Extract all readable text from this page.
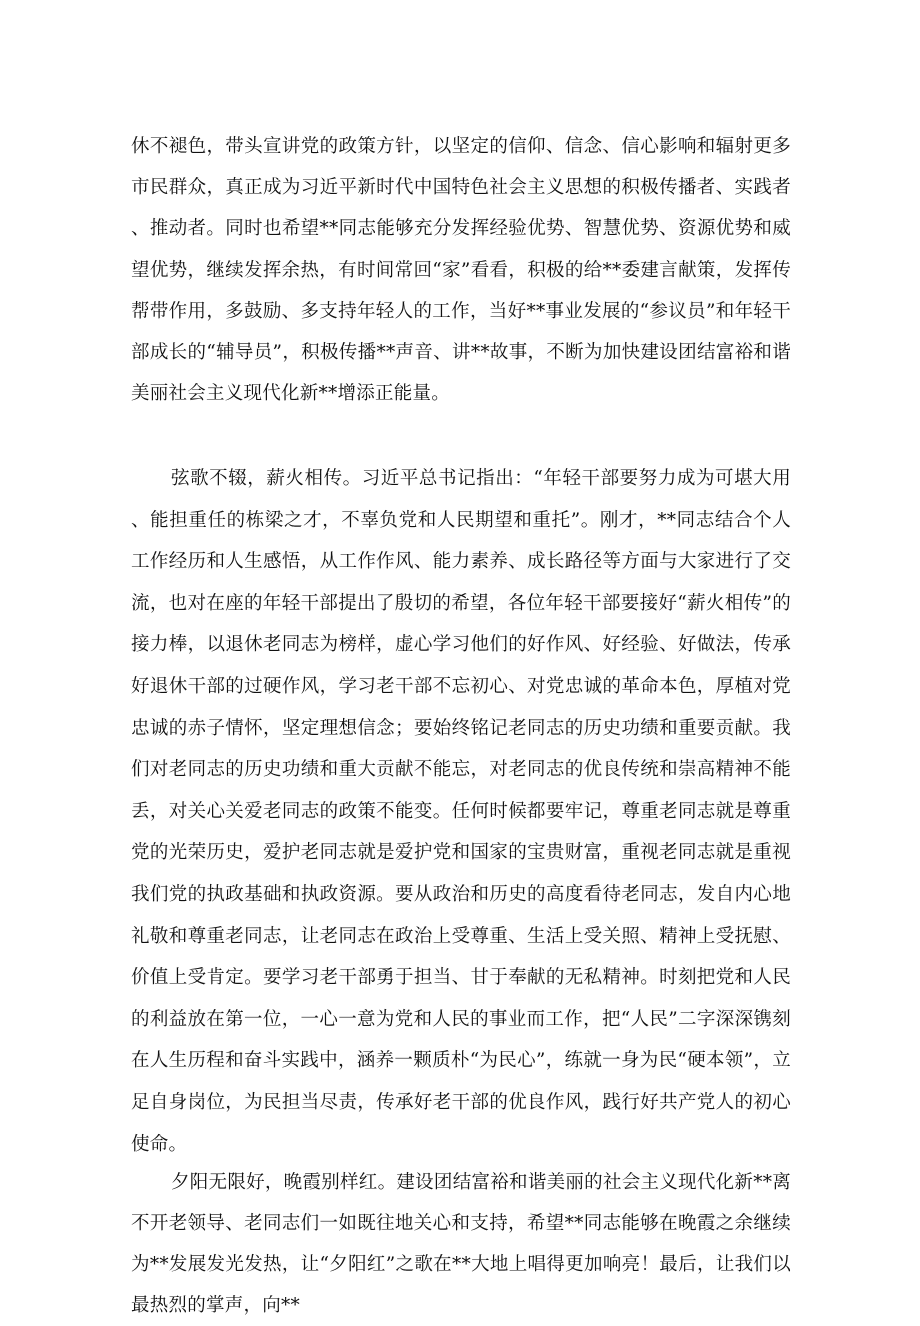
休不褪色，带头宣讲党的政策方针，以坚定的信仰、信念、信心影响和辐射更多市民群众，真正成为习近平新时代中国特色社会主义思想的积极传播者、实践者、推动者。同时也希望**同志能够充分发挥经验优势、智慧优势、资源优势和威望优势，继续发挥余热，有时间常回“家”看看，积极的给**委建言献策，发挥传帮带作用，多鼓励、多支持年轻人的工作，当好**事业发展的“参议员”和年轻干部成长的“辅导员”，积极传播**声音、讲**故事，不断为加快建设团结富裕和谐美丽社会主义现代化新**增添正能量。

弦歌不辍，薪火相传。习近平总书记指出：“年轻干部要努力成为可堪大用、能担重任的栋梁之才，不辜负党和人民期望和重托”。刚才，**同志结合个人工作经历和人生感悟，从工作作风、能力素养、成长路径等方面与大家进行了交流，也对在座的年轻干部提出了殷切的希望，各位年轻干部要接好“薪火相传”的接力棒，以退休老同志为榜样，虚心学习他们的好作风、好经验、好做法，传承好退休干部的过硬作风，学习老干部不忘初心、对党忠诚的革命本色，厚植对党忠诚的赤子情怀，坚定理想信念；要始终铭记老同志的历史功绩和重要贡献。我们对老同志的历史功绩和重大贡献不能忘，对老同志的优良传统和崇高精神不能丢，对关心关爱老同志的政策不能变。任何时候都要牢记，尊重老同志就是尊重党的光荣历史，爱护老同志就是爱护党和国家的宝贵财富，重视老同志就是重视我们党的执政基础和执政资源。要从政治和历史的高度看待老同志，发自内心地礼敬和尊重老同志，让老同志在政治上受尊重、生活上受关照、精神上受抚慰、价值上受肯定。要学习老干部勇于担当、甘于奉献的无私精神。时刻把党和人民的利益放在第一位，一心一意为党和人民的事业而工作，把“人民”二字深深镌刻在人生历程和奋斗实践中，涵养一颗质朴“为民心”，练就一身为民“硬本领”，立足自身岗位，为民担当尽责，传承好老干部的优良作风，践行好共产党人的初心使命。

夕阳无限好，晚霞别样红。建设团结富裕和谐美丽的社会主义现代化新**离不开老领导、老同志们一如既往地关心和支持，希望**同志能够在晚霞之余继续为**发展发光发热，让“夕阳红”之歌在**大地上唱得更加响亮！最后，让我们以最热烈的掌声，向**
